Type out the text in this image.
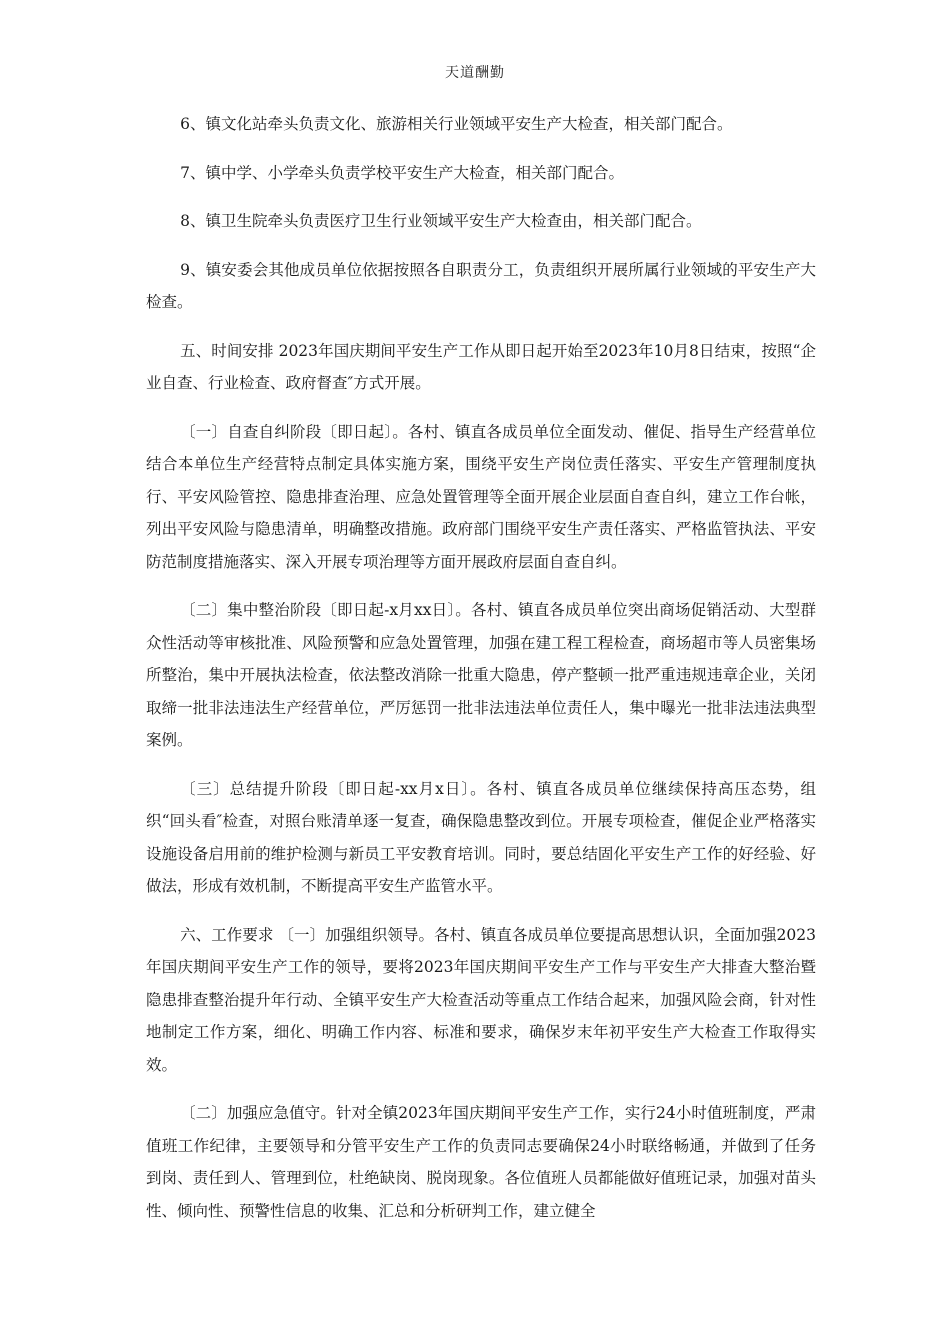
天道酬勤

6、镇文化站牵头负责文化、旅游相关行业领域平安生产大检查，相关部门配合。

7、镇中学、小学牵头负责学校平安生产大检查，相关部门配合。

8、镇卫生院牵头负责医疗卫生行业领域平安生产大检查由，相关部门配合。

9、镇安委会其他成员单位依据按照各自职责分工，负责组织开展所属行业领域的平安生产大检查。

五、时间安排 2023年国庆期间平安生产工作从即日起开始至2023年10月8日结束，按照“企业自查、行业检查、政府督查″方式开展。

〔一〕自查自纠阶段〔即日起〕。各村、镇直各成员单位全面发动、催促、指导生产经营单位结合本单位生产经营特点制定具体实施方案，围绕平安生产岗位责任落实、平安生产管理制度执行、平安风险管控、隐患排查治理、应急处置管理等全面开展企业层面自查自纠，建立工作台帐，列出平安风险与隐患清单，明确整改措施。政府部门围绕平安生产责任落实、严格监管执法、平安防范制度措施落实、深入开展专项治理等方面开展政府层面自查自纠。

〔二〕集中整治阶段〔即日起-x月xx日〕。各村、镇直各成员单位突出商场促销活动、大型群众性活动等审核批准、风险预警和应急处置管理，加强在建工程工程检查，商场超市等人员密集场所整治，集中开展执法检查，依法整改消除一批重大隐患，停产整顿一批严重违规违章企业，关闭取缔一批非法违法生产经营单位，严厉惩罚一批非法违法单位责任人，集中曝光一批非法违法典型案例。

〔三〕总结提升阶段〔即日起-xx月x日〕。各村、镇直各成员单位继续保持高压态势，组织“回头看″检查，对照台账清单逐一复查，确保隐患整改到位。开展专项检查，催促企业严格落实设施设备启用前的维护检测与新员工平安教育培训。同时，要总结固化平安生产工作的好经验、好做法，形成有效机制，不断提高平安生产监管水平。

六、工作要求 〔一〕加强组织领导。各村、镇直各成员单位要提高思想认识，全面加强2023年国庆期间平安生产工作的领导，要将2023年国庆期间平安生产工作与平安生产大排查大整治暨隐患排查整治提升年行动、全镇平安生产大检查活动等重点工作结合起来，加强风险会商，针对性地制定工作方案，细化、明确工作内容、标准和要求，确保岁末年初平安生产大检查工作取得实效。

〔二〕加强应急值守。针对全镇2023年国庆期间平安生产工作，实行24小时值班制度，严肃值班工作纪律，主要领导和分管平安生产工作的负责同志要确保24小时联络畅通，并做到了任务到岗、责任到人、管理到位，杜绝缺岗、脱岗现象。各位值班人员都能做好值班记录，加强对苗头性、倾向性、预警性信息的收集、汇总和分析研判工作，建立健全
